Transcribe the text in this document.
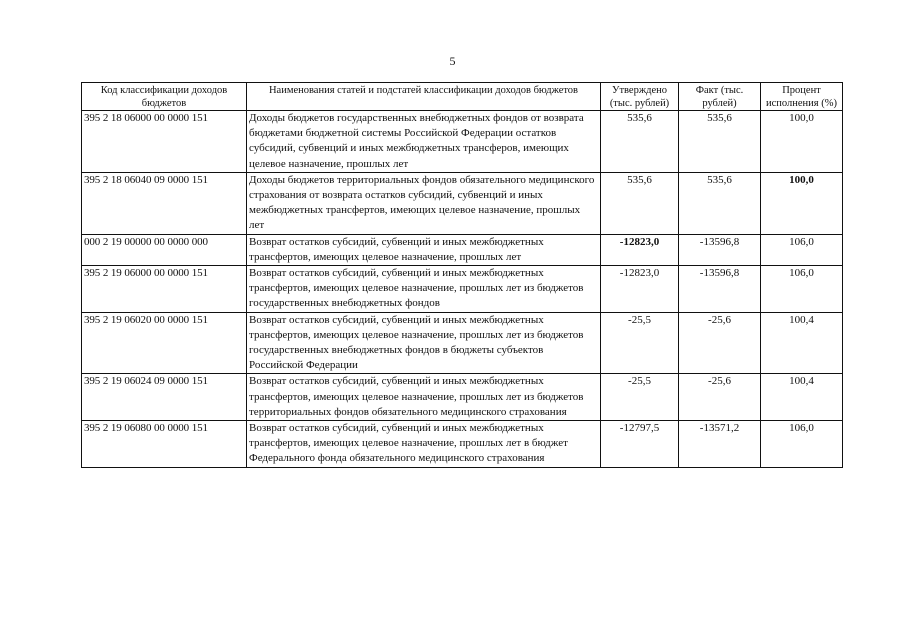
5
Код классификации доходов бюджетов	Наименования статей и подстатей классификации доходов бюджетов	Утверждено (тыс. рублей)	Факт (тыс. рублей)	Процент исполнения (%)
395 2 18 06000 00 0000 151	Доходы бюджетов государственных внебюджетных фондов от возврата бюджетами бюджетной системы Российской Федерации остатков субсидий, субвенций и иных межбюджетных трансферов, имеющих целевое назначение, прошлых лет	535,6	535,6	100,0
395 2 18 06040 09 0000 151	Доходы бюджетов территориальных фондов обязательного медицинского страхования от возврата остатков субсидий, субвенций и иных межбюджетных трансфертов, имеющих целевое назначение, прошлых лет	535,6	535,6	100,0
000 2 19 00000 00 0000 000	Возврат остатков субсидий, субвенций и иных межбюджетных трансфертов, имеющих целевое назначение, прошлых лет	-12823,0	-13596,8	106,0
395 2 19 06000 00 0000 151	Возврат остатков субсидий, субвенций и иных межбюджетных трансфертов, имеющих целевое назначение, прошлых лет из бюджетов государственных внебюджетных фондов	-12823,0	-13596,8	106,0
395 2 19 06020 00 0000 151	Возврат остатков субсидий, субвенций и иных межбюджетных трансфертов, имеющих целевое назначение, прошлых лет из бюджетов государственных внебюджетных фондов в бюджеты субъектов Российской Федерации	-25,5	-25,6	100,4
395 2 19 06024 09 0000 151	Возврат остатков субсидий, субвенций и иных межбюджетных трансфертов, имеющих целевое назначение, прошлых лет из бюджетов территориальных фондов обязательного медицинского страхования	-25,5	-25,6	100,4
395 2 19 06080 00 0000 151	Возврат остатков субсидий, субвенций и иных межбюджетных трансфертов, имеющих целевое назначение, прошлых лет в бюджет Федерального фонда обязательного медицинского страхования	-12797,5	-13571,2	106,0
